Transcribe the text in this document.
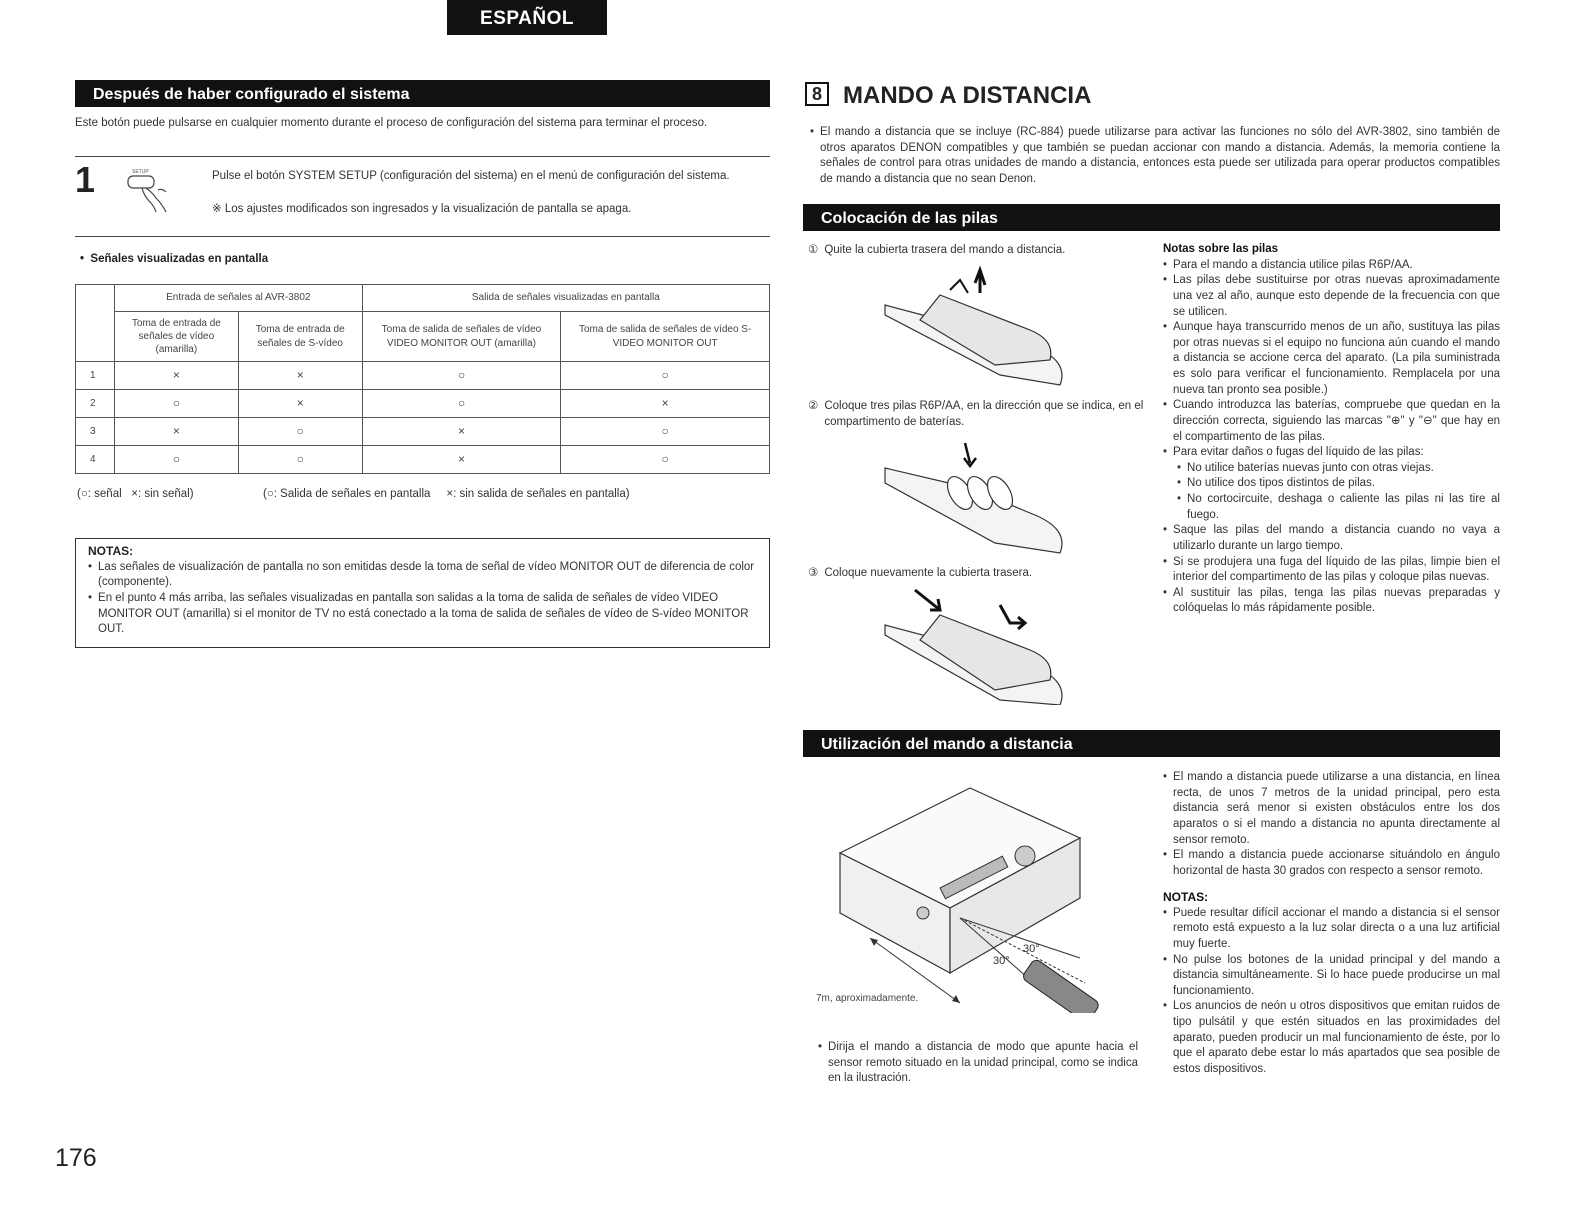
ESPAÑOL
Después de haber configurado el sistema
Este botón puede pulsarse en cualquier momento durante el proceso de configuración del sistema para terminar el proceso.
1	SETUP	Pulse el botón SYSTEM SETUP (configuración del sistema) en el menú de configuración del sistema.
※ Los ajustes modificados son ingresados y la visualización de pantalla se apaga.
•  Señales visualizadas en pantalla
	Entrada de señales al AVR-3802		Salida de señales visualizadas en pantalla	
	Toma de entrada de señales de vídeo (amarilla)	Toma de entrada de señales de S-vídeo	Toma de salida de señales de vídeo VIDEO MONITOR OUT (amarilla)	Toma de salida de señales de vídeo S-VIDEO MONITOR OUT
1	×	×	○	○
2	○	×	○	×
3	×	○	×	○
4	○	○	×	○
(○: señal   ×: sin señal)	(○: Salida de señales en pantalla     ×: sin salida de señales en pantalla)
NOTAS:
• Las señales de visualización de pantalla no son emitidas desde la toma de señal de vídeo MONITOR OUT de diferencia de color (componente).
• En el punto 4 más arriba, las señales visualizadas en pantalla son salidas a la toma de salida de señales de vídeo VIDEO MONITOR OUT (amarilla) si el monitor de TV no está conectado a la toma de salida de señales de vídeo de S-vídeo MONITOR OUT.
176
8 MANDO A DISTANCIA
• El mando a distancia que se incluye (RC-884) puede utilizarse para activar las funciones no sólo del AVR-3802, sino también de otros aparatos DENON compatibles y que también se puedan accionar con mando a distancia. Además, la memoria contiene la señales de control para otras unidades de mando a distancia, entonces esta puede ser utilizada para operar productos compatibles de mando a distancia que no sean Denon.
Colocación de las pilas
① Quite la cubierta trasera del mando a distancia.
② Coloque tres pilas R6P/AA, en la dirección que se indica, en el compartimento de baterías.
③ Coloque nuevamente la cubierta trasera.
Notas sobre las pilas
• Para el mando a distancia utilice pilas R6P/AA.
• Las pilas debe sustituirse por otras nuevas aproximadamente una vez al año, aunque esto depende de la frecuencia con que se utilicen.
• Aunque haya transcurrido menos de un año, sustituya las pilas por otras nuevas si el equipo no funciona aún cuando el mando a distancia se accione cerca del aparato. (La pila suministrada es solo para verificar el funcionamiento. Remplacela por una nueva tan pronto sea posible.)
• Cuando introduzca las baterías, compruebe que quedan en la dirección correcta, siguiendo las marcas "⊕" y "⊖" que hay en el compartimento de las pilas.
• Para evitar daños o fugas del líquido de las pilas:
• No utilice baterías nuevas junto con otras viejas.
• No utilice dos tipos distintos de pilas.
• No cortocircuite, deshaga o caliente las pilas ni las tire al fuego.
• Saque las pilas del mando a distancia cuando no vaya a utilizarlo durante un largo tiempo.
• Si se produjera una fuga del líquido de las pilas, limpie bien el interior del compartimento de las pilas y coloque pilas nuevas.
• Al sustituir las pilas, tenga las pilas nuevas preparadas y colóquelas lo más rápidamente posible.
Utilización del mando a distancia
30°
30°
7m, aproximadamente.
• Dirija el mando a distancia de modo que apunte hacia el sensor remoto situado en la unidad principal, como se indica en la ilustración.
• El mando a distancia puede utilizarse a una distancia, en línea recta, de unos 7 metros de la unidad principal, pero esta distancia será menor si existen obstáculos entre los dos aparatos o si el mando a distancia no apunta directamente al sensor remoto.
• El mando a distancia puede accionarse situándolo en ángulo horizontal de hasta 30 grados con respecto a sensor remoto.
NOTAS:
• Puede resultar difícil accionar el mando a distancia si el sensor remoto está expuesto a la luz solar directa o a una luz artificial muy fuerte.
• No pulse los botones de la unidad principal y del mando a distancia simultáneamente. Si lo hace puede producirse un mal funcionamiento.
• Los anuncios de neón u otros dispositivos que emitan ruidos de tipo pulsátil y que estén situados en las proximidades del aparato, pueden producir un mal funcionamiento de éste, por lo que el aparato debe estar lo más apartados que sea posible de estos dispositivos.
